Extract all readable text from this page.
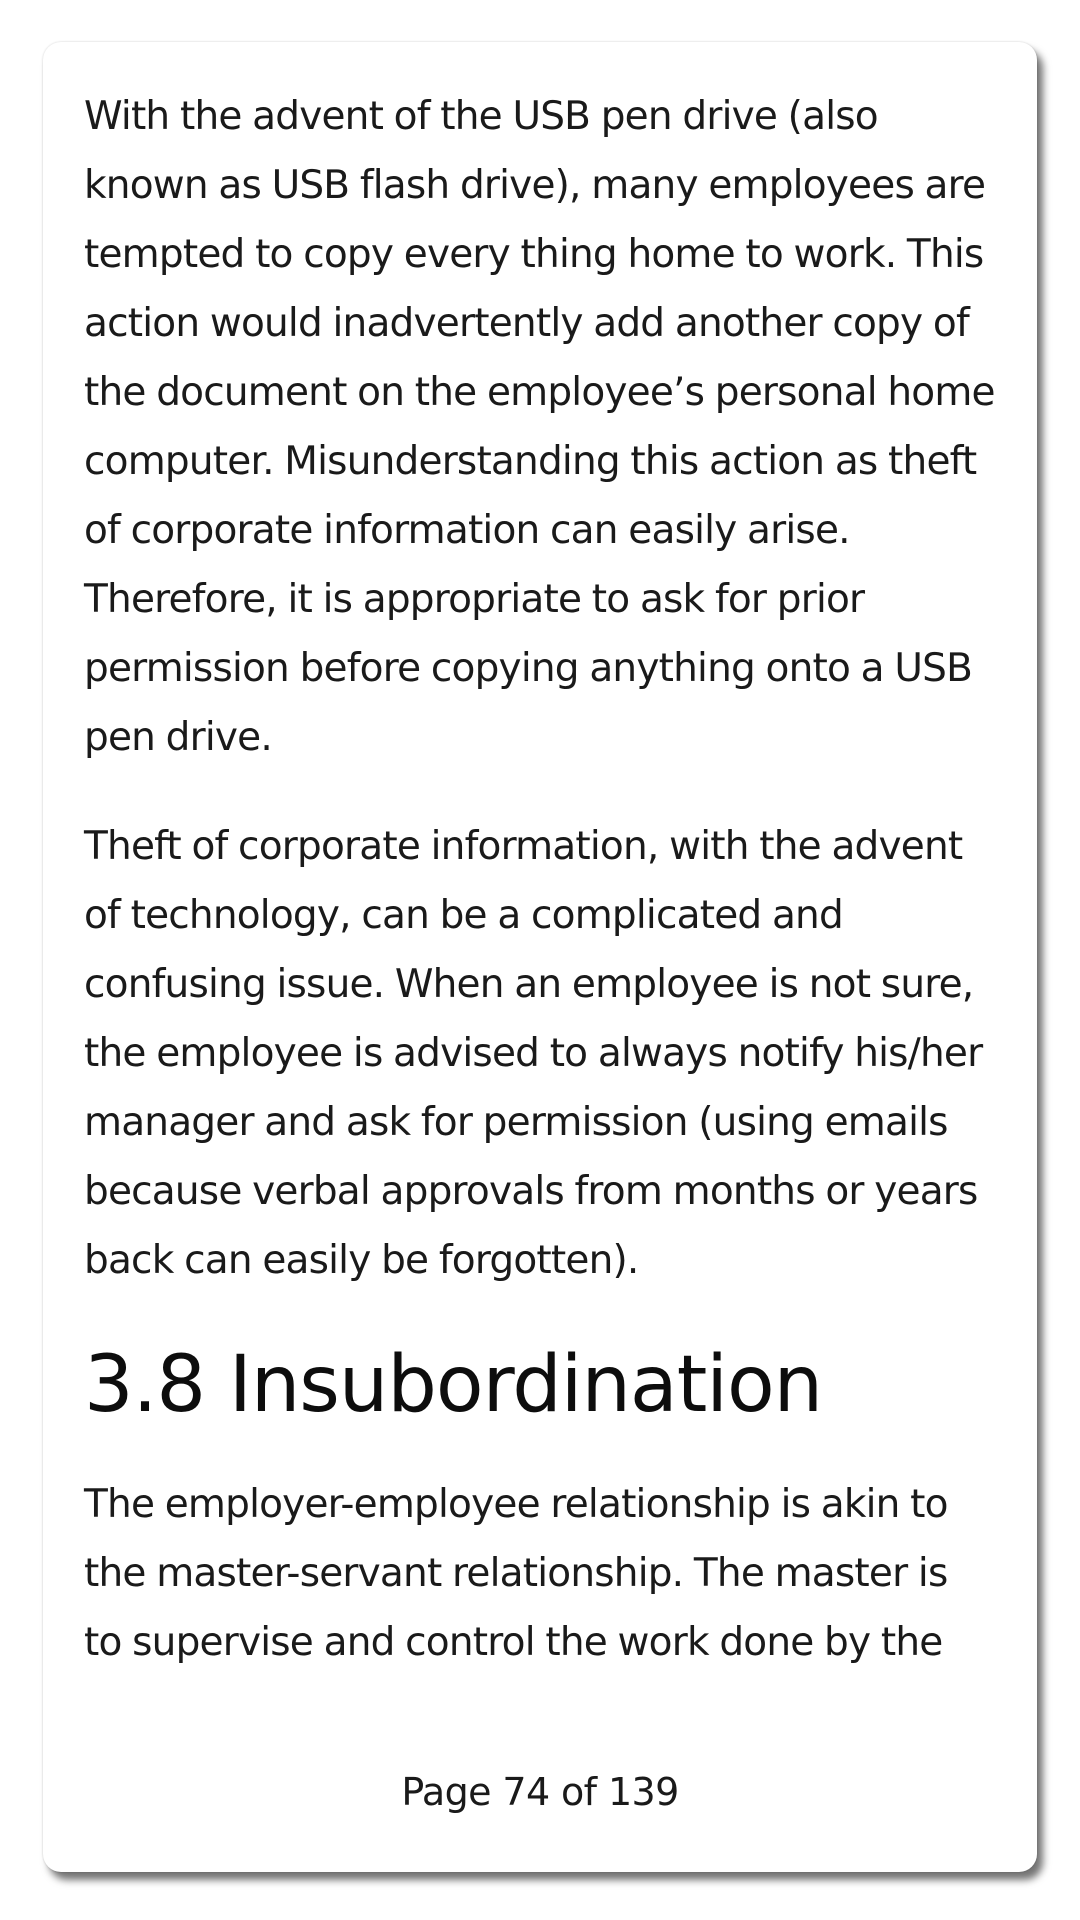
With the advent of the USB pen drive (also
known as USB flash drive), many employees are
tempted to copy every thing home to work. This
action would inadvertently add another copy of
the document on the employee’s personal home
computer. Misunderstanding this action as theft
of corporate information can easily arise.
Therefore, it is appropriate to ask for prior
permission before copying anything onto a USB
pen drive.

Theft of corporate information, with the advent
of technology, can be a complicated and
confusing issue. When an employee is not sure,
the employee is advised to always notify his/her
manager and ask for permission (using emails
because verbal approvals from months or years
back can easily be forgotten).

3.8 Insubordination

The employer-employee relationship is akin to
the master-servant relationship. The master is
to supervise and control the work done by the

Page 74 of 139
